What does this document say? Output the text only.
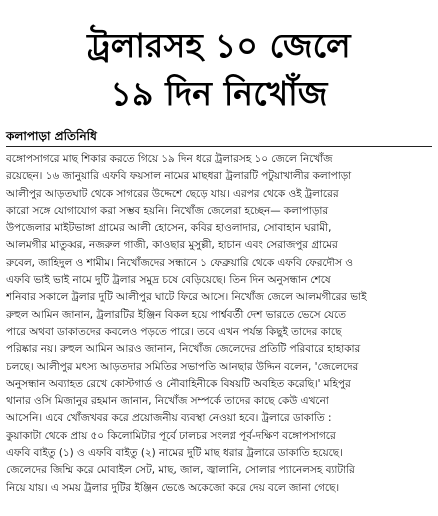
ট্রলারসহ ১০ জেলে
১৯ দিন নিখোঁজ
কলাপাড়া প্রতিনিধি
বঙ্গোপসাগরে মাছ শিকার করতে গিয়ে ১৯ দিন ধরে ট্রলারসহ ১০ জেলে নিখোঁজ
রয়েছেন। ১৬ জানুয়ারি এফবি ফয়সাল নামের মাছধরা ট্রলারটি পটুয়াখালীর কলাপাড়া
আলীপুর আড়তঘাট থেকে সাগরের উদ্দেশে ছেড়ে যায়। এরপর থেকে ওই ট্রলারের
কারো সঙ্গে যোগাযোগ করা সম্ভব হয়নি। নিখোঁজ জেলেরা হচ্ছেন— কলাপাড়ার
উপজেলার মাইটভাঙ্গা গ্রামের আলী হোসেন, কবির হাওলাদার, সোবাহান ঘরামী,
আলমগীর মাতুব্বর, নজরুল গাজী, কাওছার মুসুল্লী, হাচান এবং সেরাজপুর গ্রামের
রুবেল, জাহিদুল ও শামীম। নিখোঁজদের সন্ধানে ১ ফেব্রুয়ারি থেকে এফবি ফেরদৌস ও
এফবি ভাই ভাই নামে দুটি ট্রলার সমুদ্র চষে বেড়িয়েছে। তিন দিন অনুসন্ধান শেষে
শনিবার সকালে ট্রলার দুটি আলীপুর ঘাটে ফিরে আসে। নিখোঁজ জেলে আলমগীরের ভাই
রুহুল আমিন জানান, ট্রলারটির ইঞ্জিন বিকল হয়ে পার্শ্ববর্তী দেশ ভারতে ভেসে যেতে
পারে অথবা ডাকাতদের কবলেও পড়তে পারে। তবে এখন পর্যন্ত কিছুই তাদের কাছে
পরিষ্কার নয়। রুহুল আমিন আরও জানান, নিখোঁজ জেলেদের প্রতিটি পরিবারে হাহাকার
চলছে। আলীপুর মৎস্য আড়তদার সমিতির সভাপতি আনছার উদ্দিন বলেন, 'জেলেদের
অনুসন্ধান অব্যাহত রেখে কোস্টগার্ড ও নৌবাহিনীকে বিষয়টি অবহিত করেছি।' মহিপুর
থানার ওসি মিজানুর রহমান জানান, নিখোঁজ সম্পর্কে তাদের কাছে কেউ এখনো
আসেনি। এবে খোঁজখবর করে প্রয়োজনীয় ব্যবস্থা নেওয়া হবে। ট্রলারে ডাকাতি :
কুয়াকাটা থেকে প্রায় ৫০ কিলোমিটার পূর্বে ঢালচর সংলগ্ন পূর্ব-দক্ষিণ বঙ্গোপসাগরে
এফবি বাইতু (১) ও এফবি বাইতু (২) নামের দুটি মাছ ধরার ট্রলারে ডাকাতি হয়েছে।
জেলেদের জিম্মি করে মোবাইল সেট, মাছ, জাল, জ্বালানি, সোলার প্যানেলসহ ব্যাটারি
নিয়ে যায়। এ সময় ট্রলার দুটির ইঞ্জিন ভেঙে অকেজো করে দেয় বলে জানা গেছে।
